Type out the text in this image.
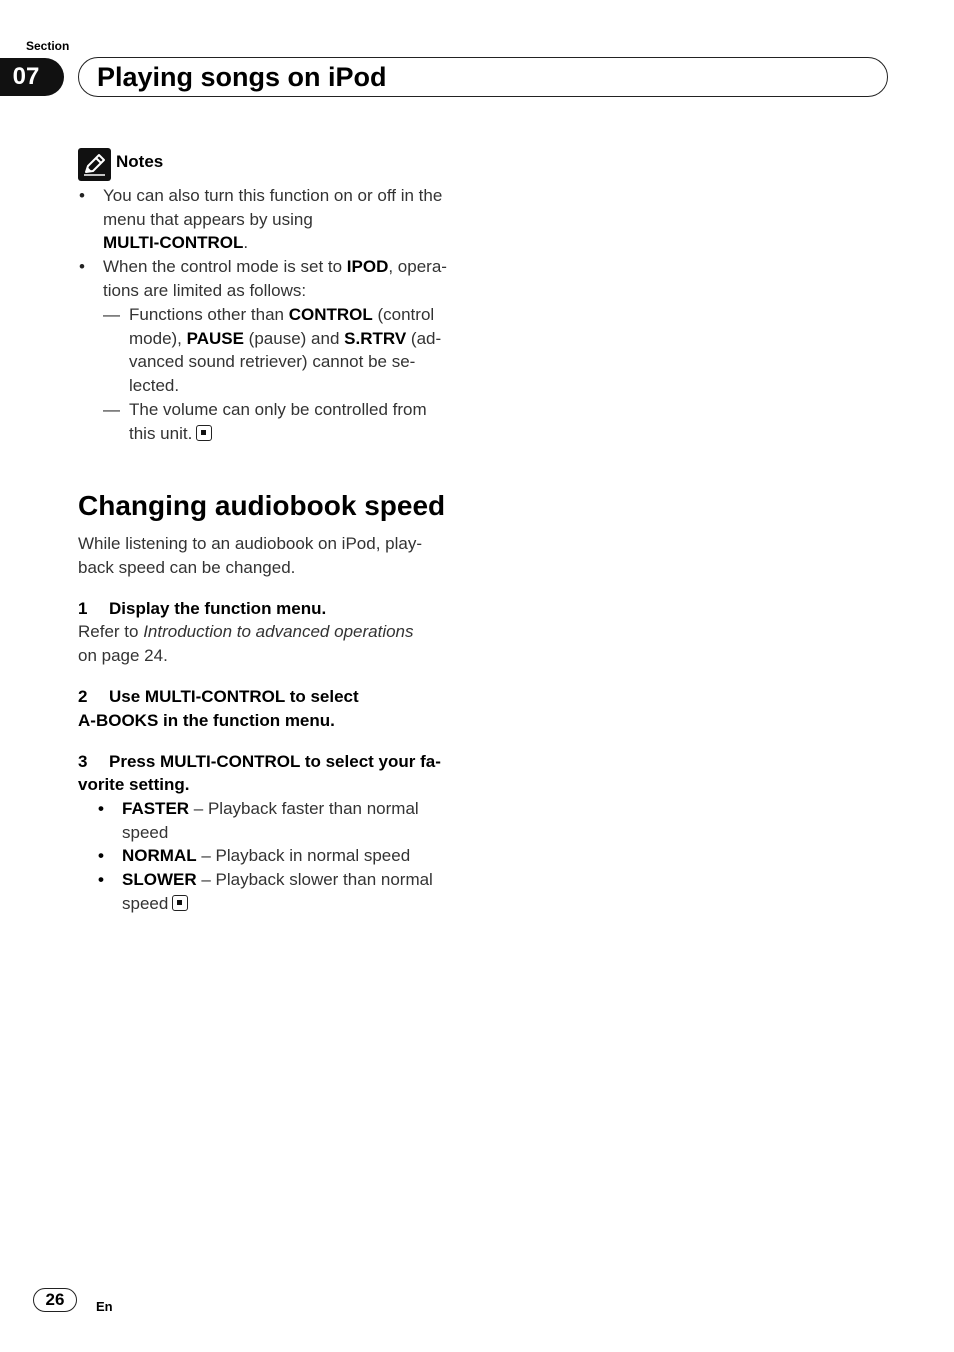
Section
07	Playing songs on iPod
Notes
• You can also turn this function on or off in the
menu that appears by using
MULTI-CONTROL.
• When the control mode is set to IPOD, opera-
tions are limited as follows:
— Functions other than CONTROL (control
mode), PAUSE (pause) and S.RTRV (ad-
vanced sound retriever) cannot be se-
lected.
— The volume can only be controlled from
this unit.
Changing audiobook speed
While listening to an audiobook on iPod, play-
back speed can be changed.
1 Display the function menu.
Refer to Introduction to advanced operations
on page 24.
2 Use MULTI-CONTROL to select
A-BOOKS in the function menu.
3 Press MULTI-CONTROL to select your fa-
vorite setting.
• FASTER – Playback faster than normal
speed
• NORMAL – Playback in normal speed
• SLOWER – Playback slower than normal
speed
26	En
